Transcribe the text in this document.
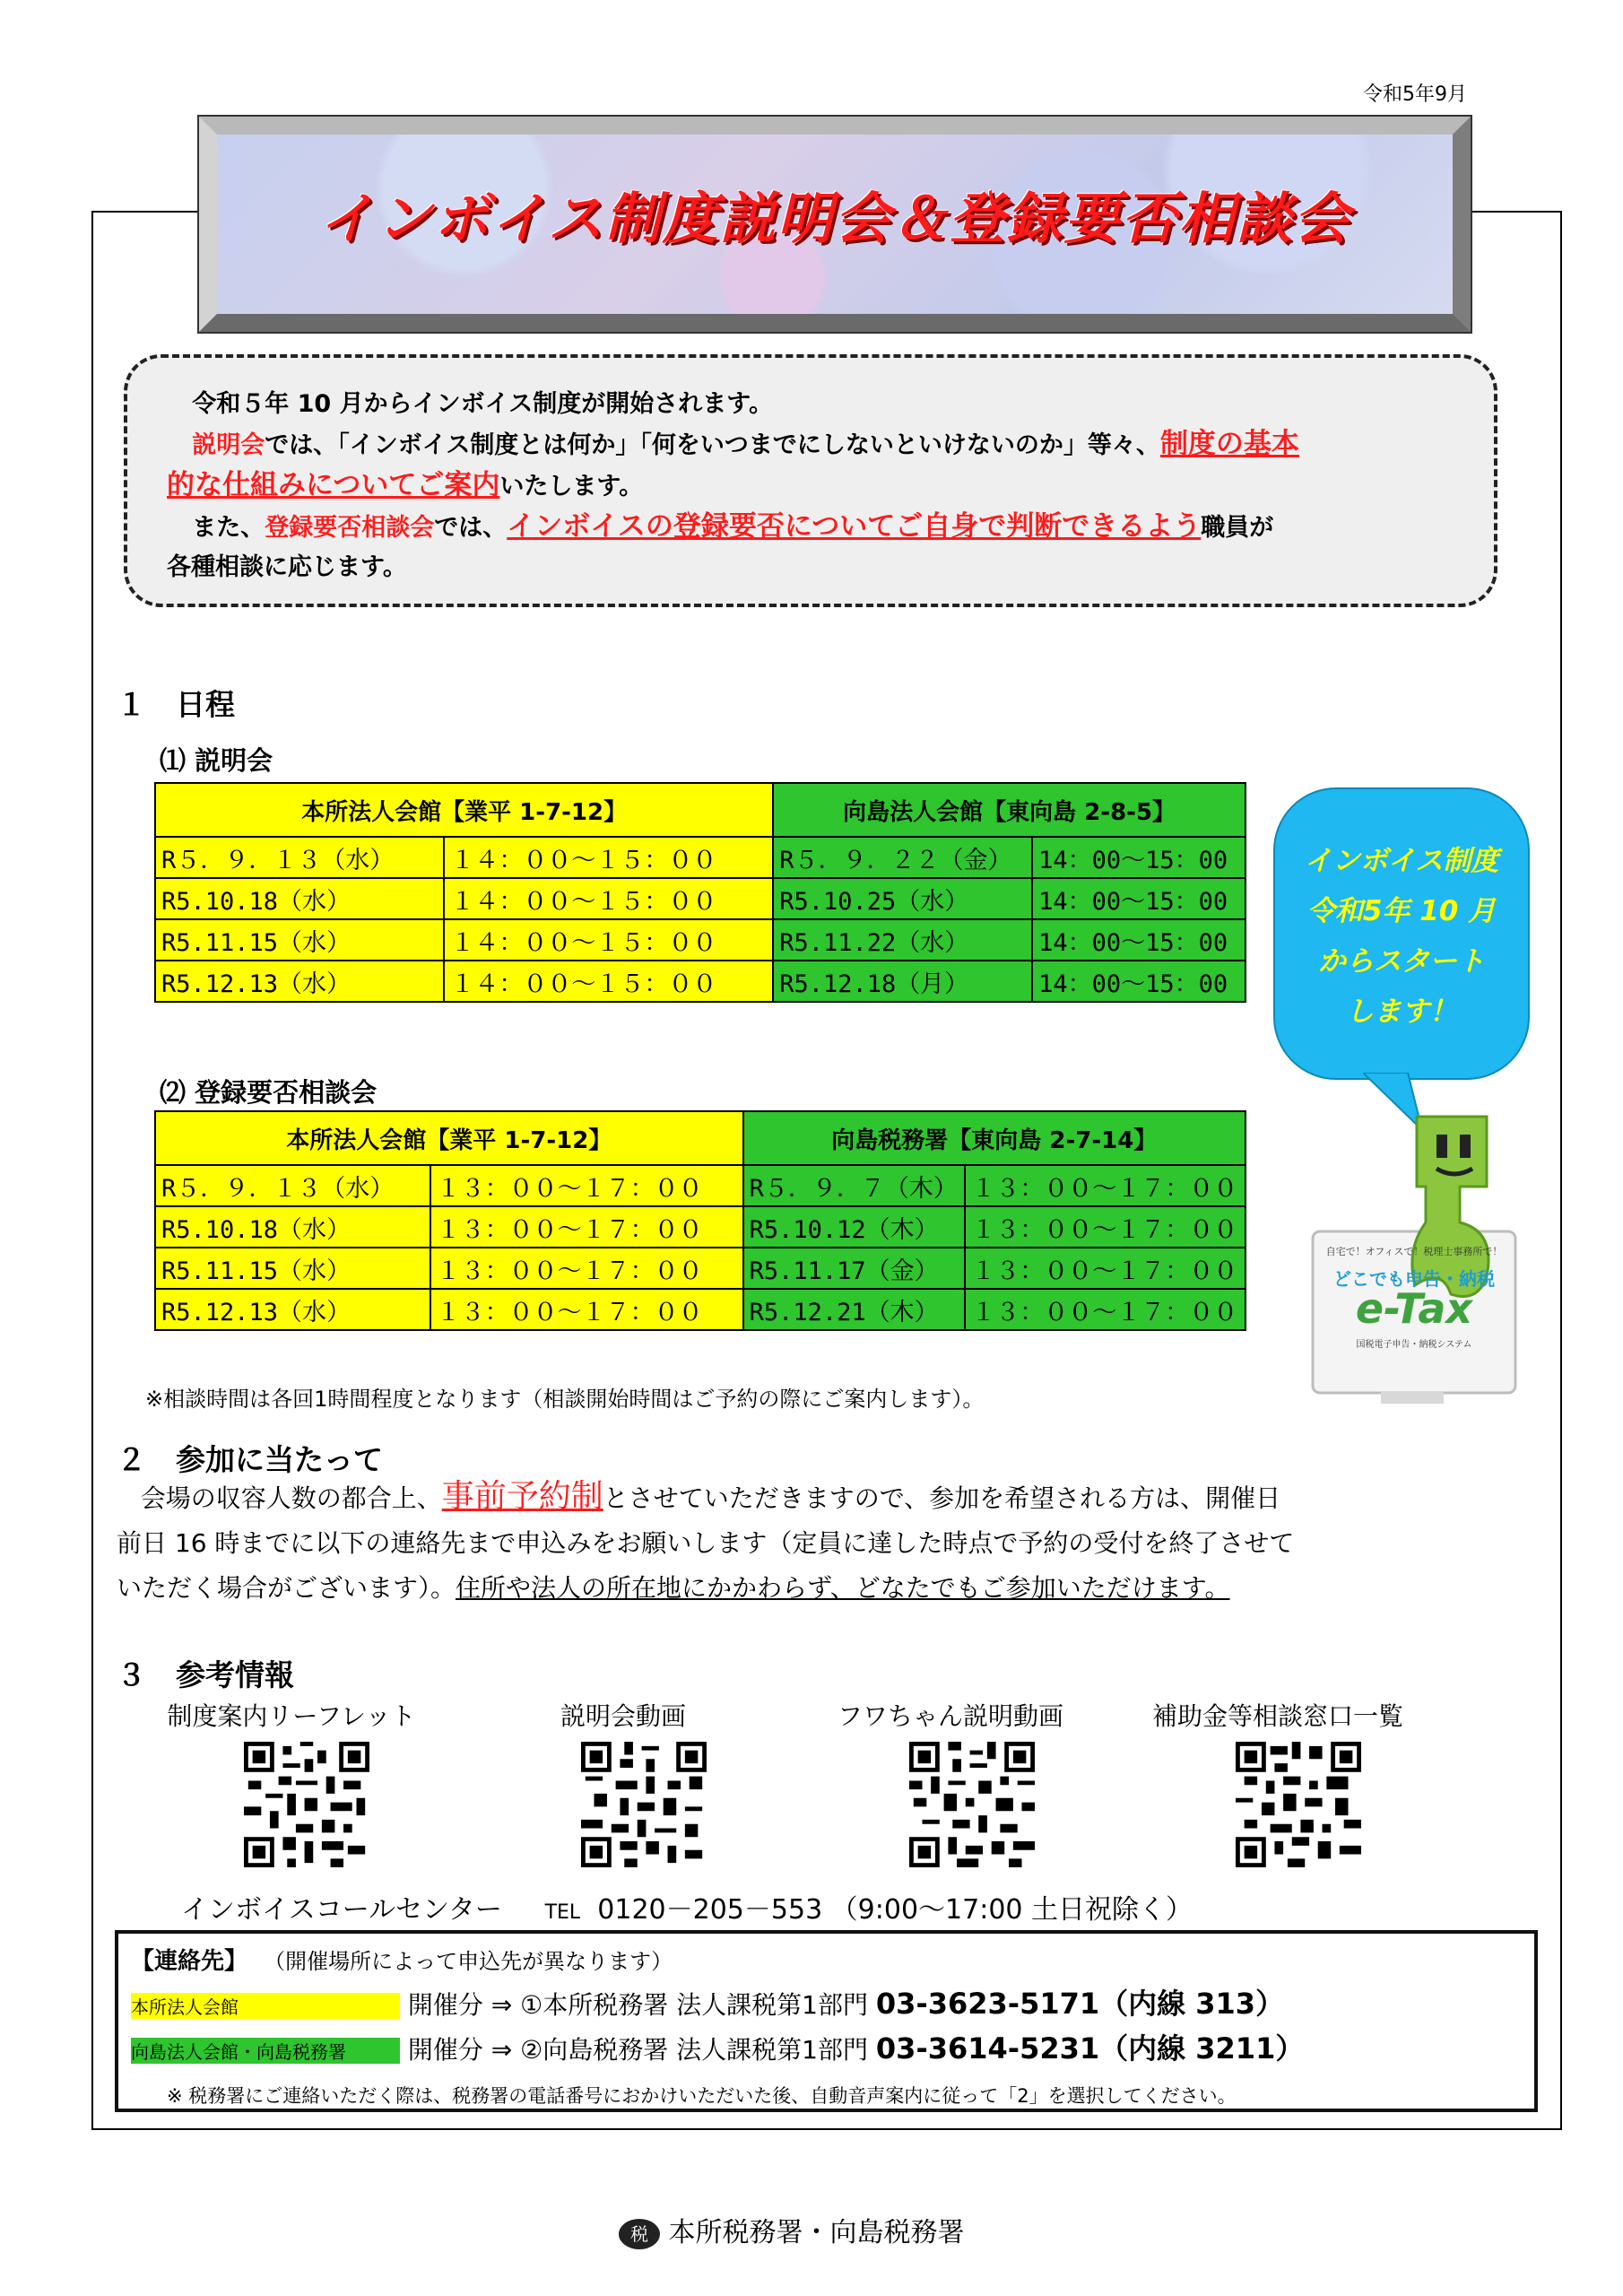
令和5年9月
インボイス制度説明会＆登録要否相談会
令和５年 10 月からインボイス制度が開始されます。
説明会では、「インボイス制度とは何か」「何をいつまでにしないといけないのか」等々、制度の基本
的な仕組みについてご案内いたします。
また、登録要否相談会では、インボイスの登録要否についてご自身で判断できるよう職員が
各種相談に応じます。
１　日程
⑴ 説明会
本所法人会館【業平 1-7-12】		向島法人会館【東向島 2-8-5】	
R５．９．１３（水）	１４：００～１５：００	R５．９．２２（金）	14：00～15：00
R5.10.18（水）	１４：００～１５：００	R5.10.25（水）	14：00～15：00
R5.11.15（水）	１４：００～１５：００	R5.11.22（水）	14：00～15：00
R5.12.13（水）	１４：００～１５：００	R5.12.18（月）	14：00～15：00
インボイス制度
令和5年 10 月
からスタート
します！
⑵ 登録要否相談会
本所法人会館【業平 1-7-12】		向島税務署【東向島 2-7-14】	
R５．９．１３（水）	１３：００～１７：００	R５．９．７（木）	１３：００～１７：００
R5.10.18（水）	１３：００～１７：００	R5.10.12（木）	１３：００～１７：００
R5.11.15（水）	１３：００～１７：００	R5.11.17（金）	１３：００～１７：００
R5.12.13（水）	１３：００～１７：００	R5.12.21（木）	１３：００～１７：００
自宅で！オフィスで！税理士事務所で！
どこでも申告・納税
e-Tax
国税電子申告・納税システム
※相談時間は各回1時間程度となります（相談開始時間はご予約の際にご案内します）。
２　参加に当たって
会場の収容人数の都合上、事前予約制とさせていただきますので、参加を希望される方は、開催日
前日 16 時までに以下の連絡先まで申込みをお願いします（定員に達した時点で予約の受付を終了させて
いただく場合がございます）。住所や法人の所在地にかかわらず、どなたでもご参加いただけます。
３　参考情報
制度案内リーフレット	説明会動画	フワちゃん説明動画	補助金等相談窓口一覧
インボイスコールセンター TEL 0120－205－553 （9:00～17:00 土日祝除く）
【連絡先】 （開催場所によって申込先が異なります）
本所法人会館	開催分 ⇒ ①本所税務署 法人課税第1部門 03-3623-5171（内線 313）
向島法人会館・向島税務署 開催分 ⇒ ②向島税務署 法人課税第1部門 03-3614-5231（内線 3211）
※ 税務署にご連絡いただく際は、税務署の電話番号におかけいただいた後、自動音声案内に従って「2」を選択してください。
税 本所税務署・向島税務署
